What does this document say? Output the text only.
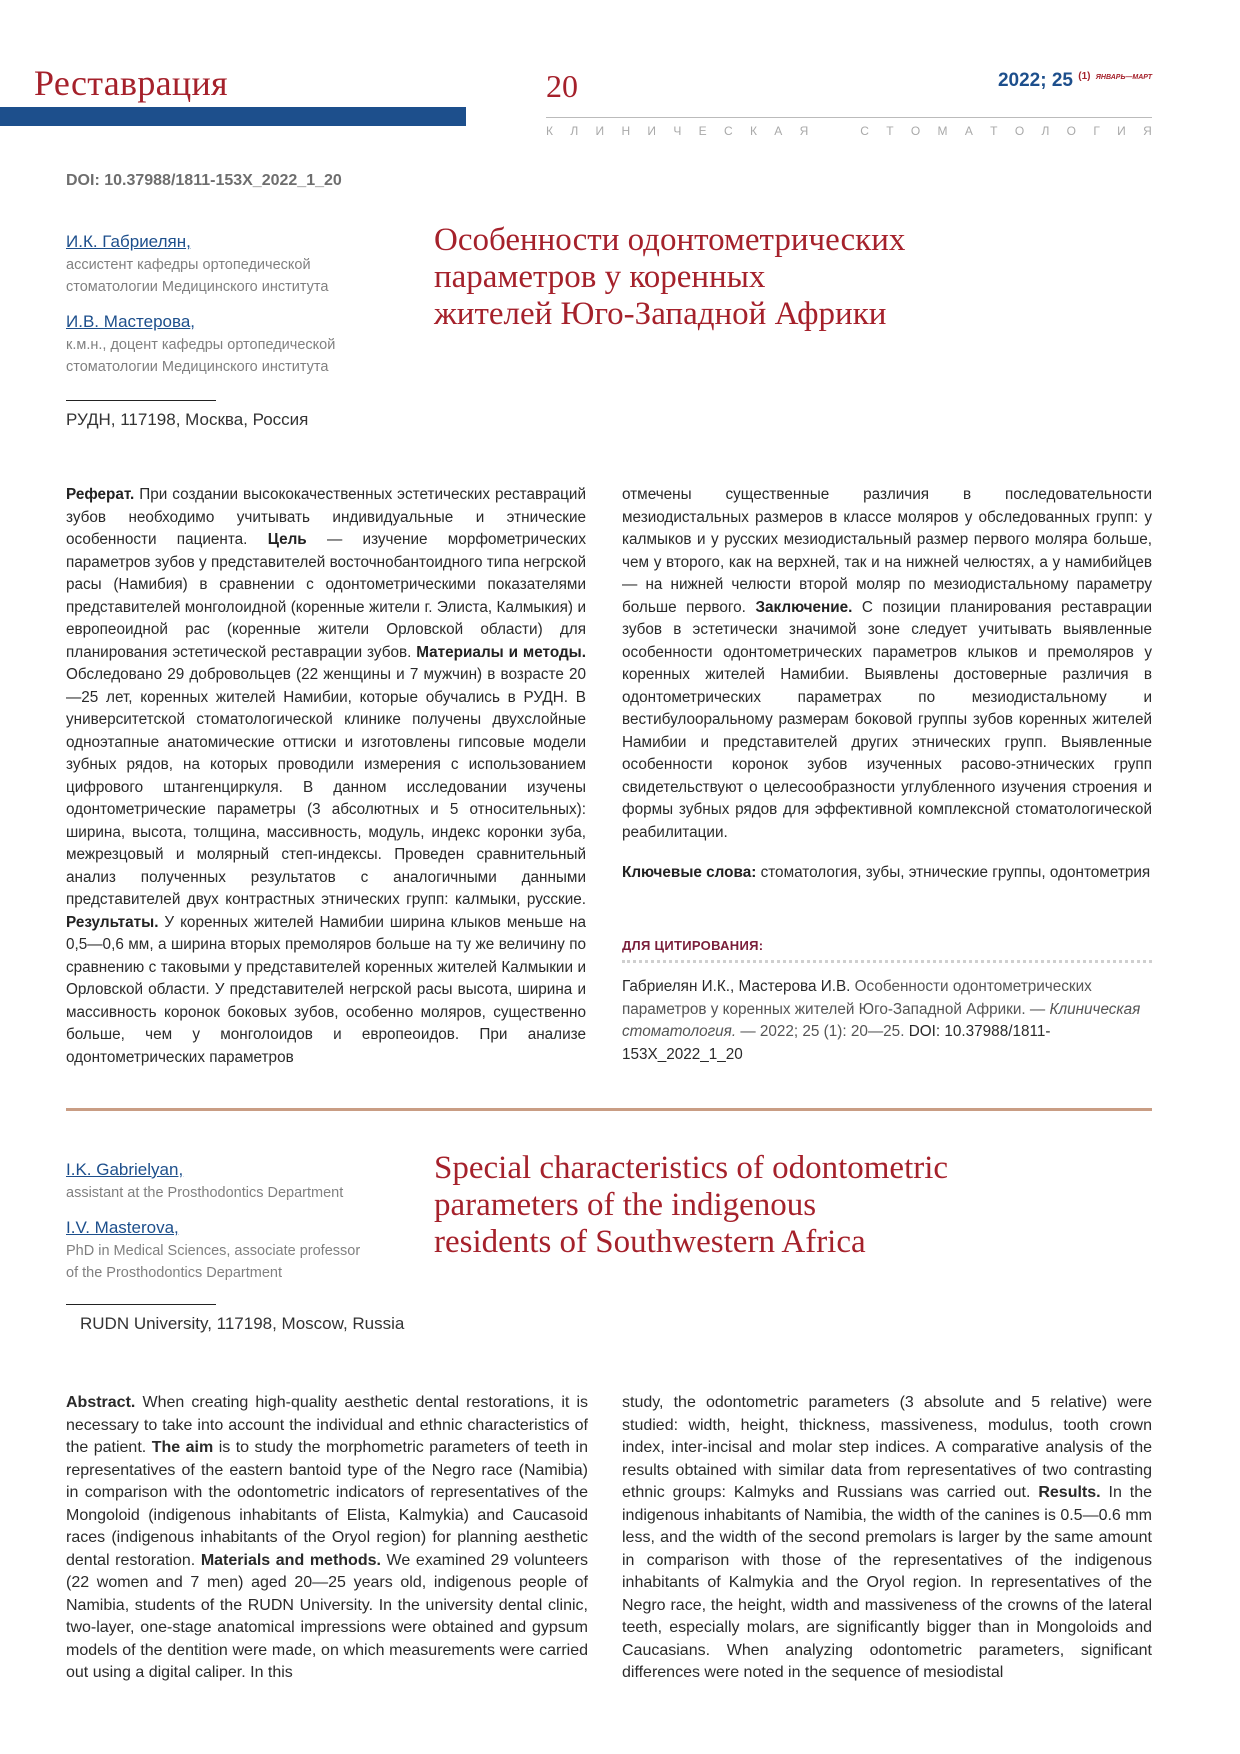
Реставрация	20	2022; 25 $^{(1)}$ $^{ЯНВАРЬ—МАРТ}$
К Л И Н И Ч Е С К А Я	С Т О М А Т О Л О Г И Я
DOI: 10.37988/1811-153X_2022_1_20

И.К. Габриелян,

ассистент кафедры ортопедической

стоматологии Медицинского института

И.В. Мастерова,

к.м.н., доцент кафедры ортопедической

стоматологии Медицинского института

РУДН, 117198, Москва, Россия
Особенности одонтометрических
параметров у коренных
жителей Юго-Западной Африки

Реферат. При создании высококачественных эстетических реставраций зубов необходимо учитывать индивидуальные и этнические особенности пациента. Цель — изучение морфометрических параметров зубов у представителей восточнобантоидного типа негрской расы (Намибия) в сравнении с одонтометрическими показателями представителей монголоидной (коренные жители г. Элиста, Калмыкия) и европеоидной рас (коренные жители Орловской области) для планирования эстетической реставрации зубов. Материалы и методы. Обследовано 29 добровольцев (22 женщины и 7 мужчин) в возрасте 20—25 лет, коренных жителей Намибии, которые обучались в РУДН. В университетской стоматологической клинике получены двухслойные одноэтапные анатомические оттиски и изготовлены гипсовые модели зубных рядов, на которых проводили измерения с использованием цифрового штангенциркуля. В данном исследовании изучены одонтометрические параметры (3 абсолютных и 5 относительных): ширина, высота, толщина, массивность, модуль, индекс коронки зуба, межрезцовый и молярный степ-индексы. Проведен сравнительный анализ полученных результатов с аналогичными данными представителей двух контрастных этнических групп: калмыки, русские. Результаты. У коренных жителей Намибии ширина клыков меньше на 0,5—0,6 мм, а ширина вторых премоляров больше на ту же величину по сравнению с таковыми у представителей коренных жителей Калмыкии и Орловской области. У представителей негрской расы высота, ширина и массивность коронок боковых зубов, особенно моляров, существенно больше, чем у монголоидов и европеоидов. При анализе одонтометрических параметров

отмечены существенные различия в последовательности мезиодистальных размеров в классе моляров у обследованных групп: у калмыков и у русских мезиодистальный размер первого моляра больше, чем у второго, как на верхней, так и на нижней челюстях, а у намибийцев — на нижней челюсти второй моляр по мезиодистальному параметру больше первого. Заключение. С позиции планирования реставрации зубов в эстетически значимой зоне следует учитывать выявленные особенности одонтометрических параметров клыков и премоляров у коренных жителей Намибии. Выявлены достоверные различия в одонтометрических параметрах по мезиодистальному и вестибулооральному размерам боковой группы зубов коренных жителей Намибии и представителей других этнических групп. Выявленные особенности коронок зубов изученных расово-этнических групп свидетельствуют о целесообразности углубленного изучения строения и формы зубных рядов для эффективной комплексной стоматологической реабилитации.

Ключевые слова: стоматология, зубы, этнические группы, одонтометрия

ДЛЯ ЦИТИРОВАНИЯ:
Габриелян И.К., Мастерова И.В. Особенности одонтометрических параметров у коренных жителей Юго-Западной Африки. — Клиническая стоматология. — 2022; 25 (1): 20—25. DOI: 10.37988/1811-153X_2022_1_20

I.K. Gabrielyan,

assistant at the Prosthodontics Department

I.V. Masterova,

PhD in Medical Sciences, associate professor

of the Prosthodontics Department

RUDN University, 117198, Moscow, Russia
Special characteristics of odontometric
parameters of the indigenous
residents of Southwestern Africa

Abstract. When creating high-quality aesthetic dental restorations, it is necessary to take into account the individual and ethnic characteristics of the patient. The aim is to study the morphometric parameters of teeth in representatives of the eastern bantoid type of the Negro race (Namibia) in comparison with the odontometric indicators of representatives of the Mongoloid (indigenous inhabitants of Elista, Kalmykia) and Caucasoid races (indigenous inhabitants of the Oryol region) for planning aesthetic dental restoration. Materials and methods. We examined 29 volunteers (22 women and 7 men) aged 20—25 years old, indigenous people of Namibia, students of the RUDN University. In the university dental clinic, two-layer, one-stage anatomical impressions were obtained and gypsum models of the dentition were made, on which measurements were carried out using a digital caliper. In this

study, the odontometric parameters (3 absolute and 5 relative) were studied: width, height, thickness, massiveness, modulus, tooth crown index, inter-incisal and molar step indices. A comparative analysis of the results obtained with similar data from representatives of two contrasting ethnic groups: Kalmyks and Russians was carried out. Results. In the indigenous inhabitants of Namibia, the width of the canines is 0.5—0.6 mm less, and the width of the second premolars is larger by the same amount in comparison with those of the representatives of the indigenous inhabitants of Kalmykia and the Oryol region. In representatives of the Negro race, the height, width and massiveness of the crowns of the lateral teeth, especially molars, are significantly bigger than in Mongoloids and Caucasians. When analyzing odontometric parameters, significant differences were noted in the sequence of mesiodistal
